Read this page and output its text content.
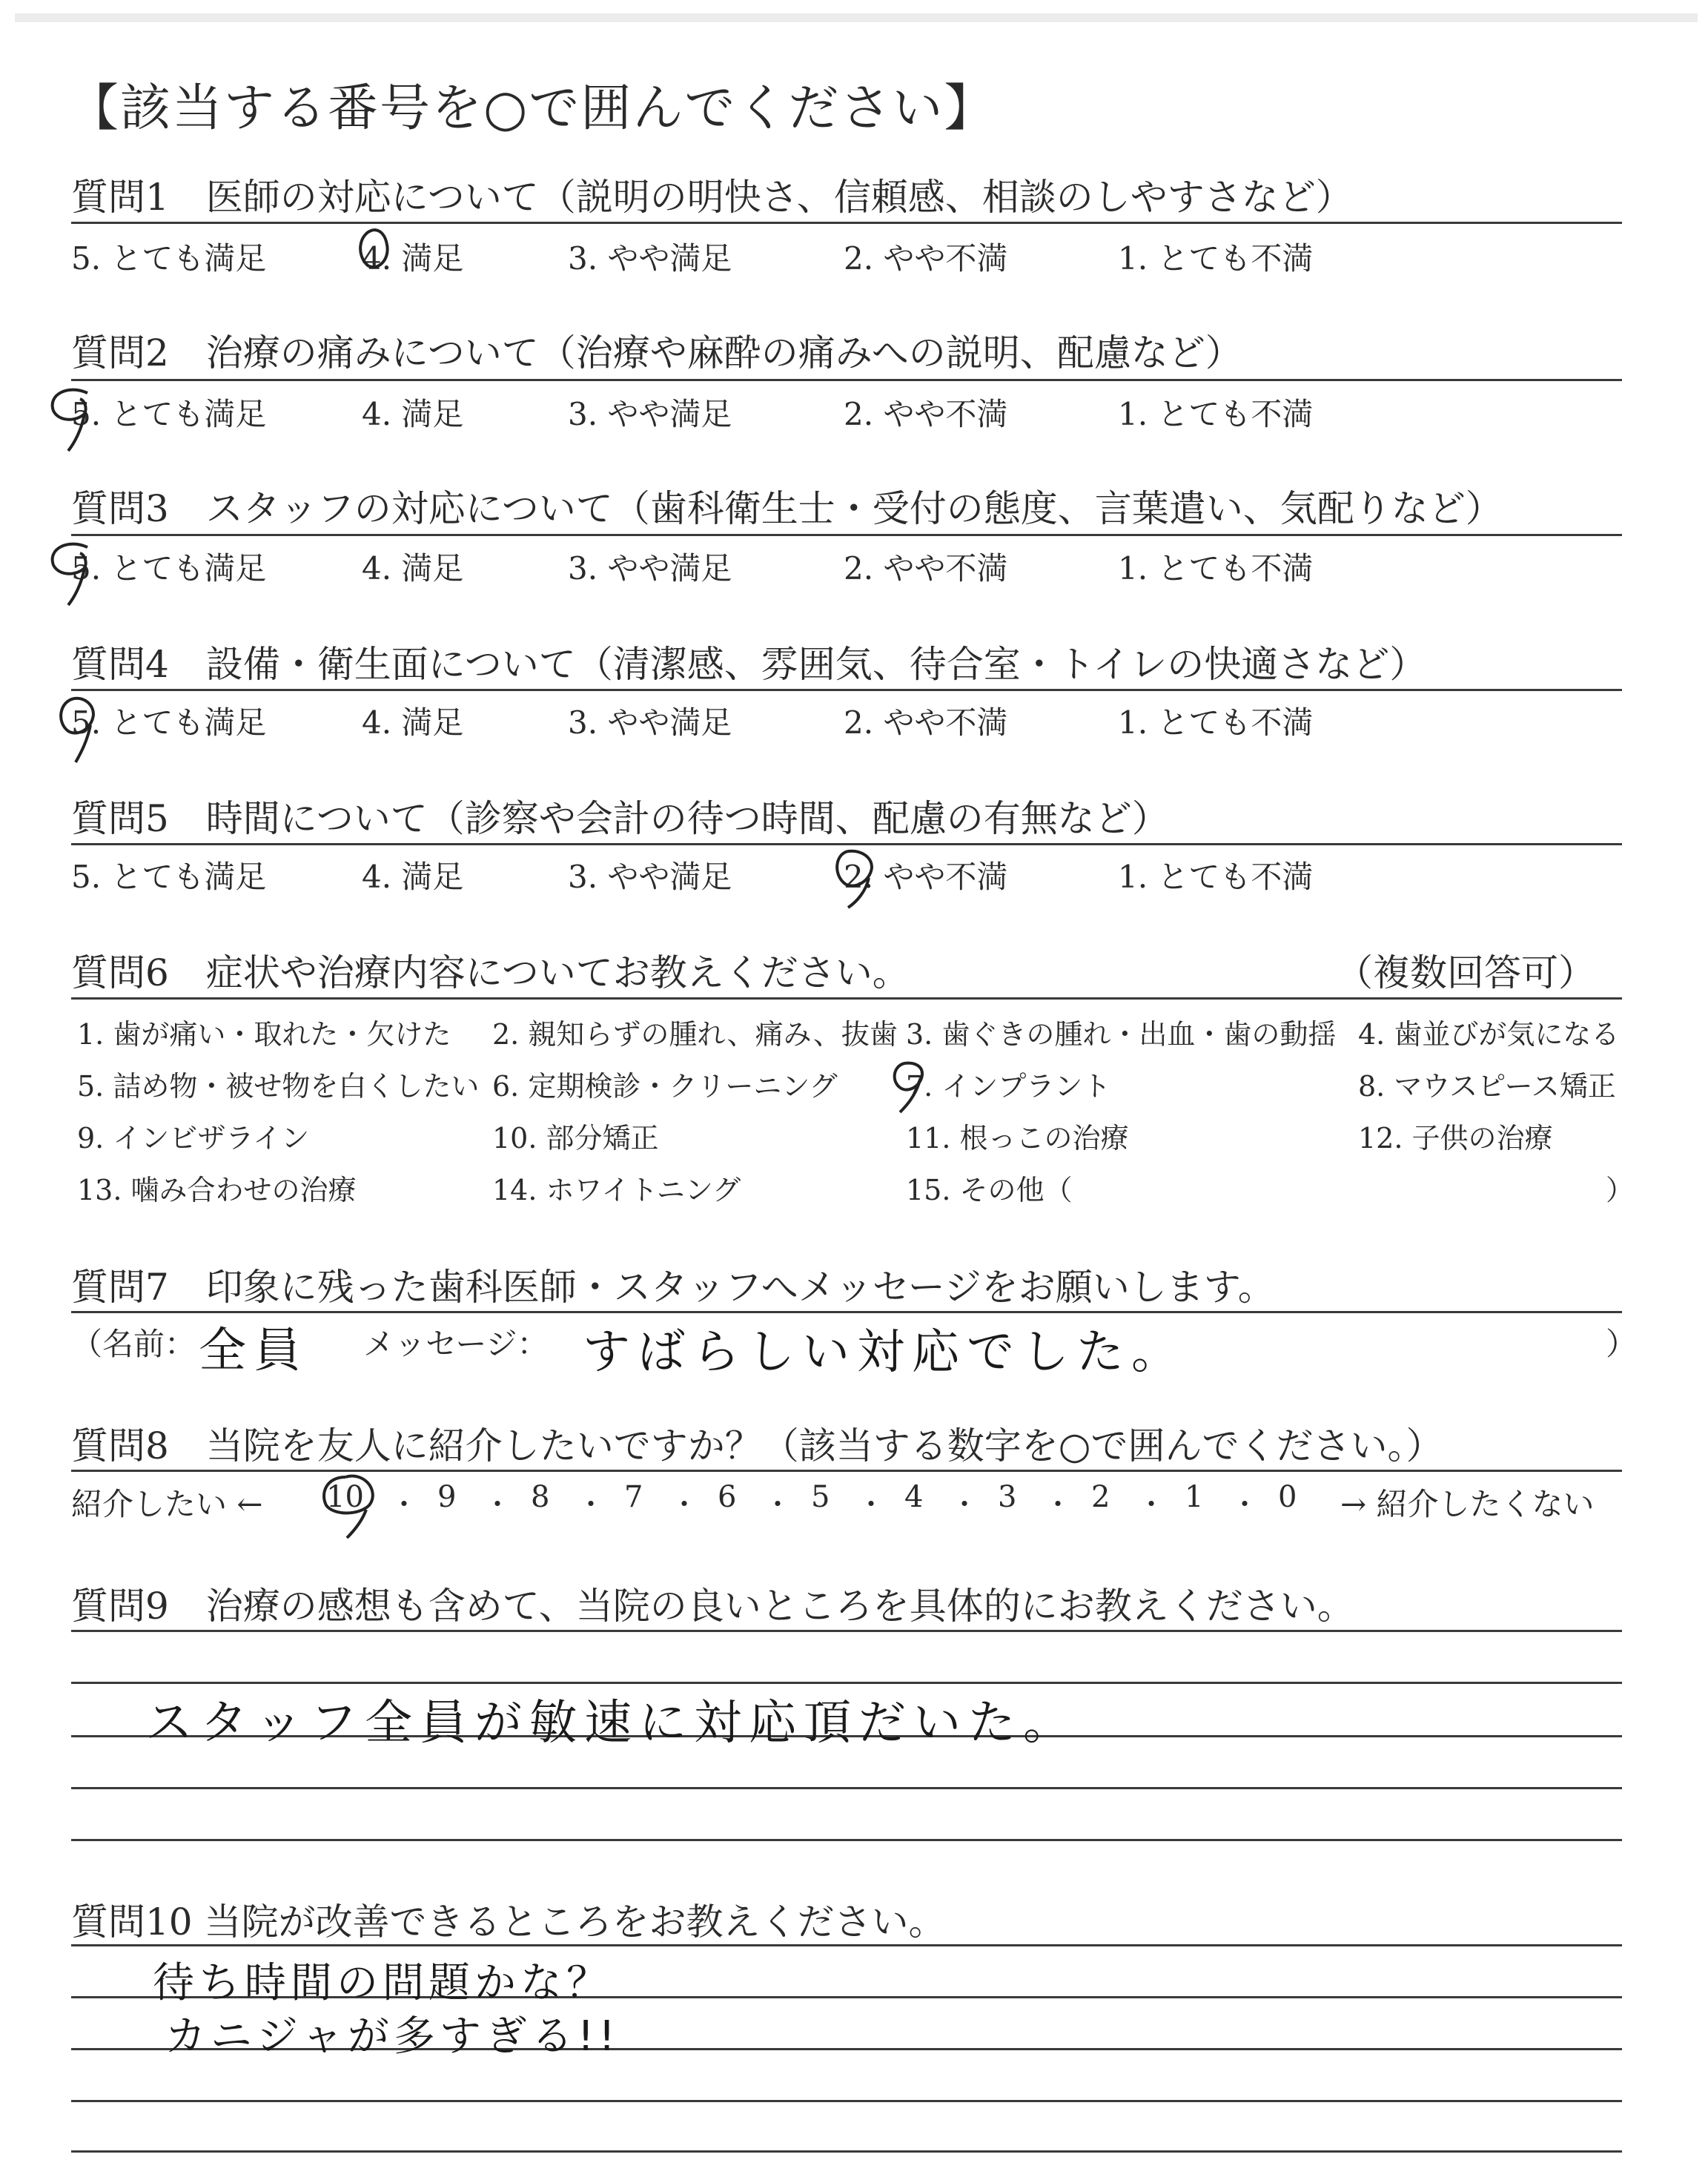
【該当する番号を○で囲んでください】
質問1　医師の対応について（説明の明快さ、信頼感、相談のしやすさなど）
5. とても満足	4. 満足	3. やや満足	2. やや不満	1. とても不満
質問2　治療の痛みについて（治療や麻酔の痛みへの説明、配慮など）
5. とても満足	4. 満足	3. やや満足	2. やや不満	1. とても不満
質問3　スタッフの対応について（歯科衛生士・受付の態度、言葉遣い、気配りなど）
5. とても満足	4. 満足	3. やや満足	2. やや不満	1. とても不満
質問4　設備・衛生面について（清潔感、雰囲気、待合室・トイレの快適さなど）
5. とても満足	4. 満足	3. やや満足	2. やや不満	1. とても不満
質問5　時間について（診察や会計の待つ時間、配慮の有無など）
5. とても満足	4. 満足	3. やや満足	2. やや不満	1. とても不満
質問6　症状や治療内容についてお教えください。	（複数回答可）
1. 歯が痛い・取れた・欠けた 2. 親知らずの腫れ、痛み、抜歯 3. 歯ぐきの腫れ・出血・歯の動揺 4. 歯並びが気になる
5. 詰め物・被せ物を白くしたい 6. 定期検診・クリーニング 7. インプラント	8. マウスピース矯正
9. インビザライン	10. 部分矯正	11. 根っこの治療	12. 子供の治療
13. 噛み合わせの治療	14. ホワイトニング	15. その他（	）
質問7　印象に残った歯科医師・スタッフへメッセージをお願いします。
（名前： 全員 メッセージ： すばらしい対応でした。	）
質問8　当院を友人に紹介したいですか？（該当する数字を○で囲んでください。）
紹介したい ← 10 ・ 9 ・ 8 ・ 7 ・ 6 ・ 5 ・ 4 ・ 3 ・ 2 ・ 1 ・ 0 → 紹介したくない
質問9　治療の感想も含めて、当院の良いところを具体的にお教えください。
スタッフ全員が敏速に対応頂だいた。
質問10 当院が改善できるところをお教えください。
待ち時間の問題かな？
カニジャが多すぎる!!
